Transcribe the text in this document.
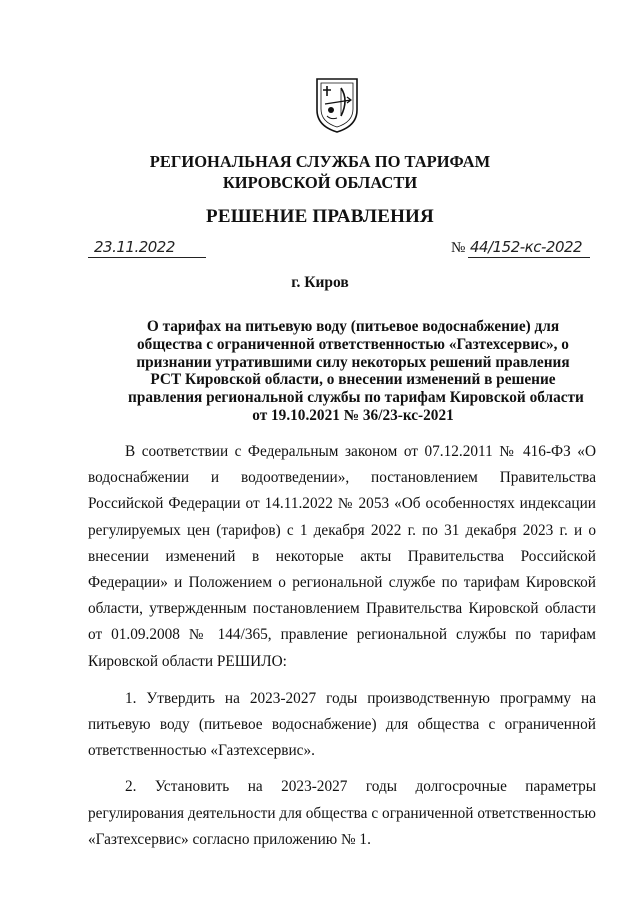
РЕГИОНАЛЬНАЯ СЛУЖБА ПО ТАРИФАМ
КИРОВСКОЙ ОБЛАСТИ
РЕШЕНИЕ ПРАВЛЕНИЯ
23.11.2022	№ 44/152-кс-2022
г. Киров
О тарифах на питьевую воду (питьевое водоснабжение) для
общества с ограниченной ответственностью «Газтехсервис», о
признании утратившими силу некоторых решений правления
РСТ Кировской области, о внесении изменений в решение
правления региональной службы по тарифам Кировской области
от 19.10.2021 № 36/23-кс-2021

В соответствии с Федеральным законом от 07.12.2011 № 416-ФЗ «О водоснабжении и водоотведении», постановлением Правительства Российской Федерации от 14.11.2022 № 2053 «Об особенностях индексации регулируемых цен (тарифов) с 1 декабря 2022 г. по 31 декабря 2023 г. и о внесении изменений в некоторые акты Правительства Российской Федерации» и Положением о региональной службе по тарифам Кировской области, утвержденным постановлением Правительства Кировской области от 01.09.2008 № 144/365, правление региональной службы по тарифам Кировской области РЕШИЛО:

1. Утвердить на 2023-2027 годы производственную программу на питьевую воду (питьевое водоснабжение) для общества с ограниченной ответственностью «Газтехсервис».

2. Установить на 2023-2027 годы долгосрочные параметры регулирования деятельности для общества с ограниченной ответственностью «Газтехсервис» согласно приложению № 1.
